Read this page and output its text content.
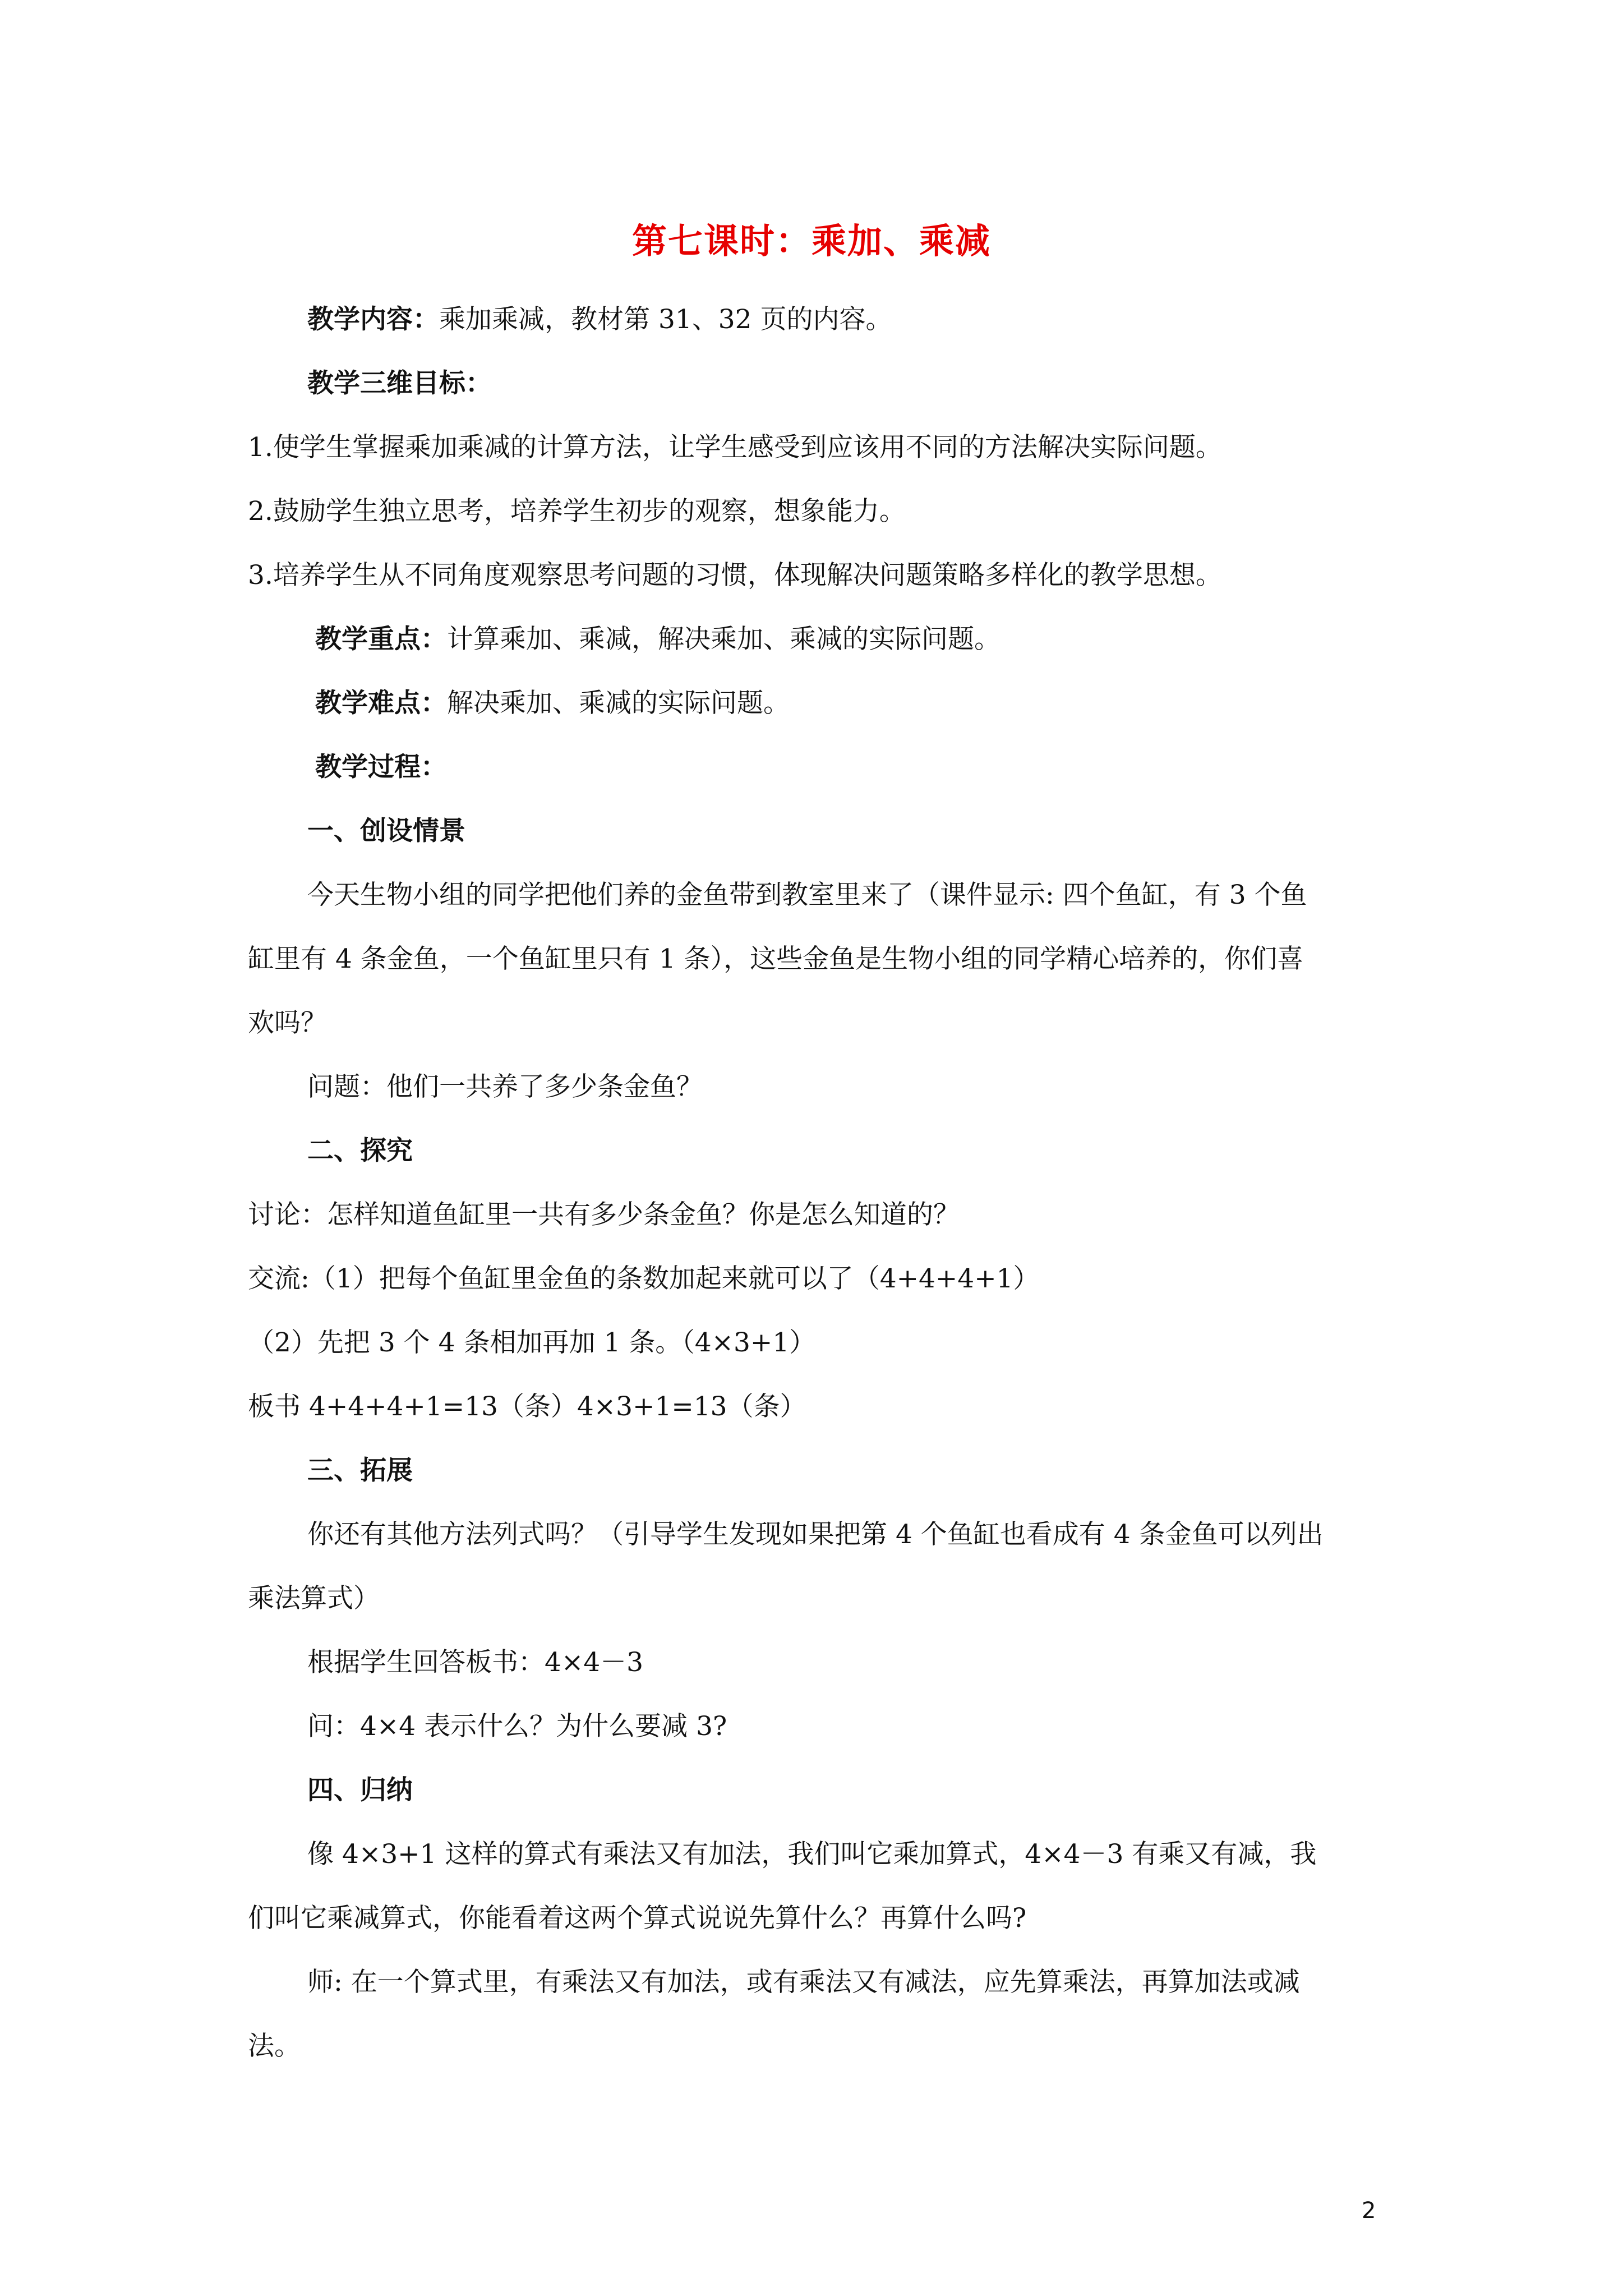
第七课时：乘加、乘减
教学内容：乘加乘减，教材第 31、32 页的内容。
教学三维目标：
1.使学生掌握乘加乘减的计算方法，让学生感受到应该用不同的方法解决实际问题。
2.鼓励学生独立思考，培养学生初步的观察，想象能力。
3.培养学生从不同角度观察思考问题的习惯，体现解决问题策略多样化的教学思想。
教学重点：计算乘加、乘减，解决乘加、乘减的实际问题。
教学难点：解决乘加、乘减的实际问题。
教学过程：
一、创设情景
今天生物小组的同学把他们养的金鱼带到教室里来了（课件显示: 四个鱼缸，有 3 个鱼
缸里有 4 条金鱼，一个鱼缸里只有 1 条），这些金鱼是生物小组的同学精心培养的，你们喜
欢吗？
问题：他们一共养了多少条金鱼？
二、探究
讨论：怎样知道鱼缸里一共有多少条金鱼？你是怎么知道的？
交流:（1）把每个鱼缸里金鱼的条数加起来就可以了（4+4+4+1）
（2）先把 3 个 4 条相加再加 1 条。（4×3+1）
板书 4+4+4+1=13（条）4×3+1=13（条）
三、拓展
你还有其他方法列式吗？（引导学生发现如果把第 4 个鱼缸也看成有 4 条金鱼可以列出
乘法算式）
根据学生回答板书：4×4－3
问：4×4 表示什么？为什么要减 3?
四、归纳
像 4×3+1 这样的算式有乘法又有加法，我们叫它乘加算式，4×4－3 有乘又有减，我
们叫它乘减算式，你能看着这两个算式说说先算什么？再算什么吗?
师: 在一个算式里，有乘法又有加法，或有乘法又有减法，应先算乘法，再算加法或减
法。
2
